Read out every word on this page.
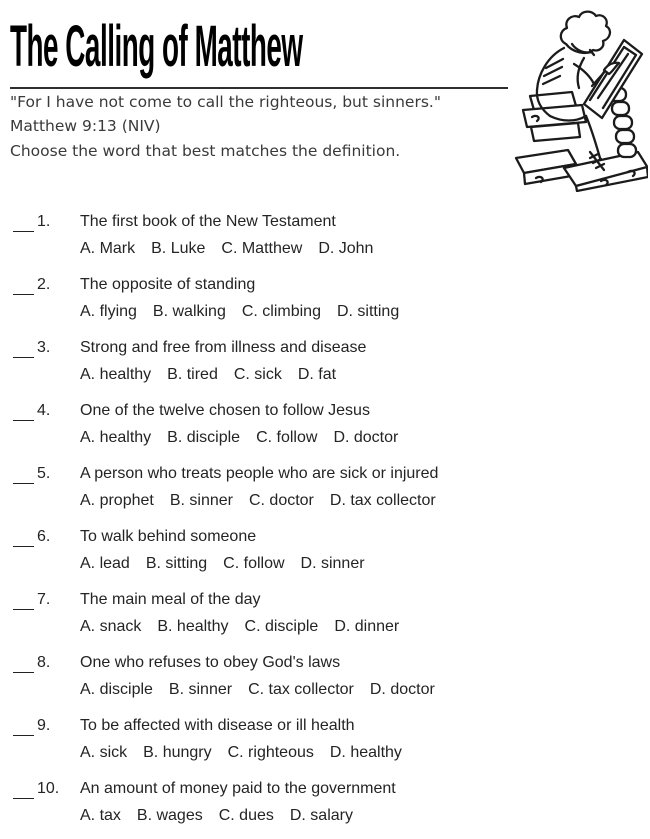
The Calling of Matthew

"For I have not come to call the righteous, but sinners."
Matthew 9:13 (NIV)

Choose the word that best matches the definition.

1.	The first book of the New Testament
A. Mark B. Luke C. Matthew D. John
2.	The opposite of standing
A. flying B. walking C. climbing D. sitting
3.	Strong and free from illness and disease
A. healthy B. tired C. sick D. fat
4.	One of the twelve chosen to follow Jesus
A. healthy B. disciple C. follow D. doctor
5.	A person who treats people who are sick or injured
A. prophet B. sinner C. doctor D. tax collector
6.	To walk behind someone
A. lead B. sitting C. follow D. sinner
7.	The main meal of the day
A. snack B. healthy C. disciple D. dinner
8.	One who refuses to obey God's laws
A. disciple B. sinner C. tax collector D. doctor
9.	To be affected with disease or ill health
A. sick B. hungry C. righteous D. healthy
10.	An amount of money paid to the government
A. tax B. wages C. dues D. salary
